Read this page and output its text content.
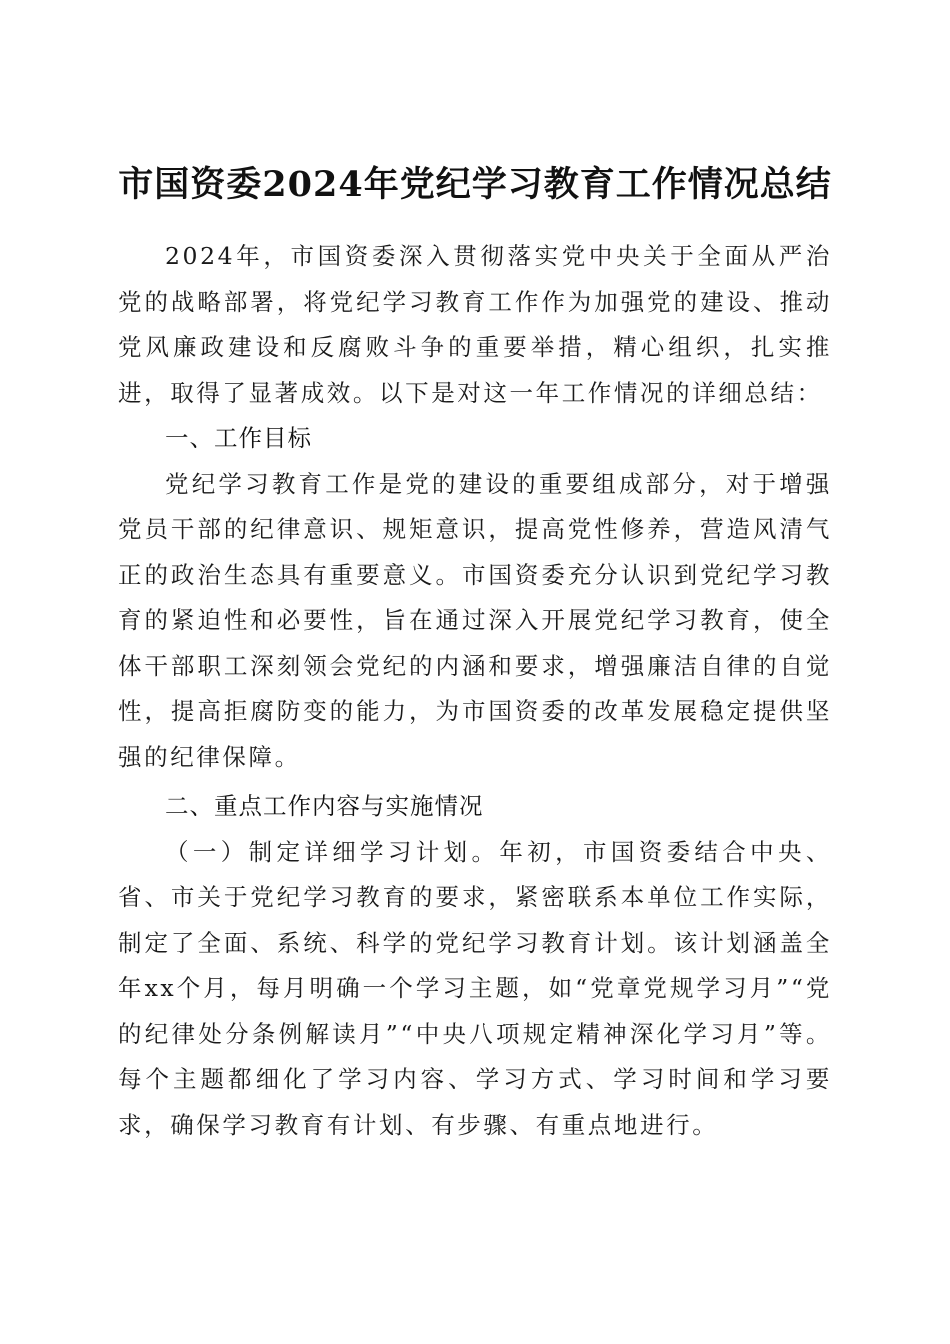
市国资委2024年党纪学习教育工作情况总结

2024年，市国资委深入贯彻落实党中央关于全面从严治党的战略部署，将党纪学习教育工作作为加强党的建设、推动党风廉政建设和反腐败斗争的重要举措，精心组织，扎实推进，取得了显著成效。以下是对这一年工作情况的详细总结：

一、工作目标

党纪学习教育工作是党的建设的重要组成部分，对于增强党员干部的纪律意识、规矩意识，提高党性修养，营造风清气正的政治生态具有重要意义。市国资委充分认识到党纪学习教育的紧迫性和必要性，旨在通过深入开展党纪学习教育，使全体干部职工深刻领会党纪的内涵和要求，增强廉洁自律的自觉性，提高拒腐防变的能力，为市国资委的改革发展稳定提供坚强的纪律保障。

二、重点工作内容与实施情况

（一）制定详细学习计划。年初，市国资委结合中央、省、市关于党纪学习教育的要求，紧密联系本单位工作实际，制定了全面、系统、科学的党纪学习教育计划。该计划涵盖全年xx个月，每月明确一个学习主题，如“党章党规学习月”“党的纪律处分条例解读月”“中央八项规定精神深化学习月”等。每个主题都细化了学习内容、学习方式、学习时间和学习要求，确保学习教育有计划、有步骤、有重点地进行。
